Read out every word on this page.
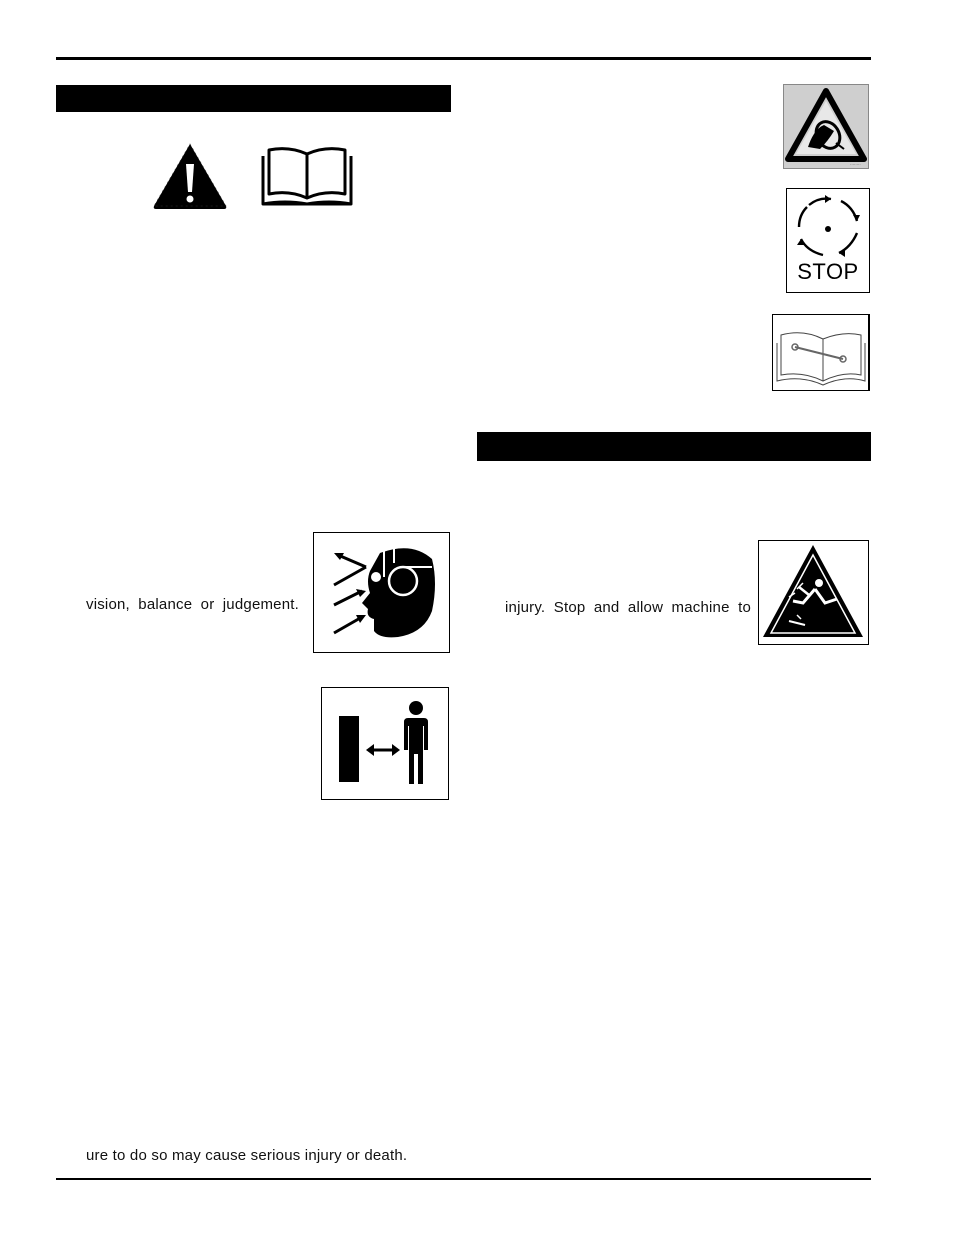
········
STOP
vision, balance or judgement.	injury. Stop and allow machine to
ure to do so may cause serious injury or death.
